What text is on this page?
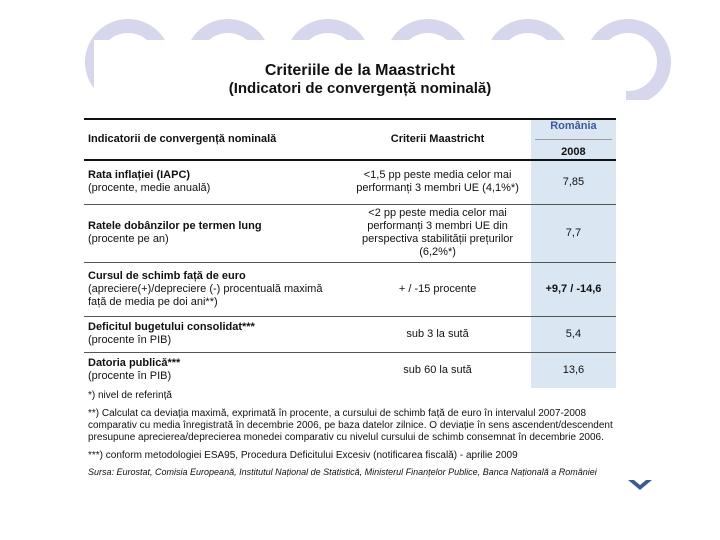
Criteriile de la Maastricht
(Indicatori de convergență nominală)
Indicatorii de convergență nominală	Criterii Maastricht	România
2008

Rata inflației (IAPC)
(procente, medie anuală)	<1,5 pp peste media celor mai performanți 3 membri UE (4,1%*)	7,85

Ratele dobânzilor pe termen lung
(procente pe an)	<2 pp peste media celor mai performanți 3 membri UE din perspectiva stabilității prețurilor (6,2%*)	7,7

Cursul de schimb față de euro
(apreciere(+)/depreciere (-) procentuală maximă față de media pe doi ani**)	+ / -15 procente	+9,7 / -14,6

Deficitul bugetului consolidat***
(procente în PIB)	sub 3 la sută	5,4

Datoria publică***
(procente în PIB)	sub 60 la sută	13,6

*) nivel de referință

**) Calculat ca deviația maximă, exprimată în procente, a cursului de schimb față de euro în intervalul 2007-2008 comparativ cu media înregistrată în decembrie 2006, pe baza datelor zilnice. O deviație în sens ascendent/descendent presupune aprecierea/deprecierea monedei comparativ cu nivelul cursului de schimb consemnat în decembrie 2006.

***) conform metodologiei ESA95, Procedura Deficitului Excesiv (notificarea fiscală) - aprilie 2009

Sursa: Eurostat, Comisia Europeană, Institutul Național de Statistică, Ministerul Finanțelor Publice, Banca Națională a României
